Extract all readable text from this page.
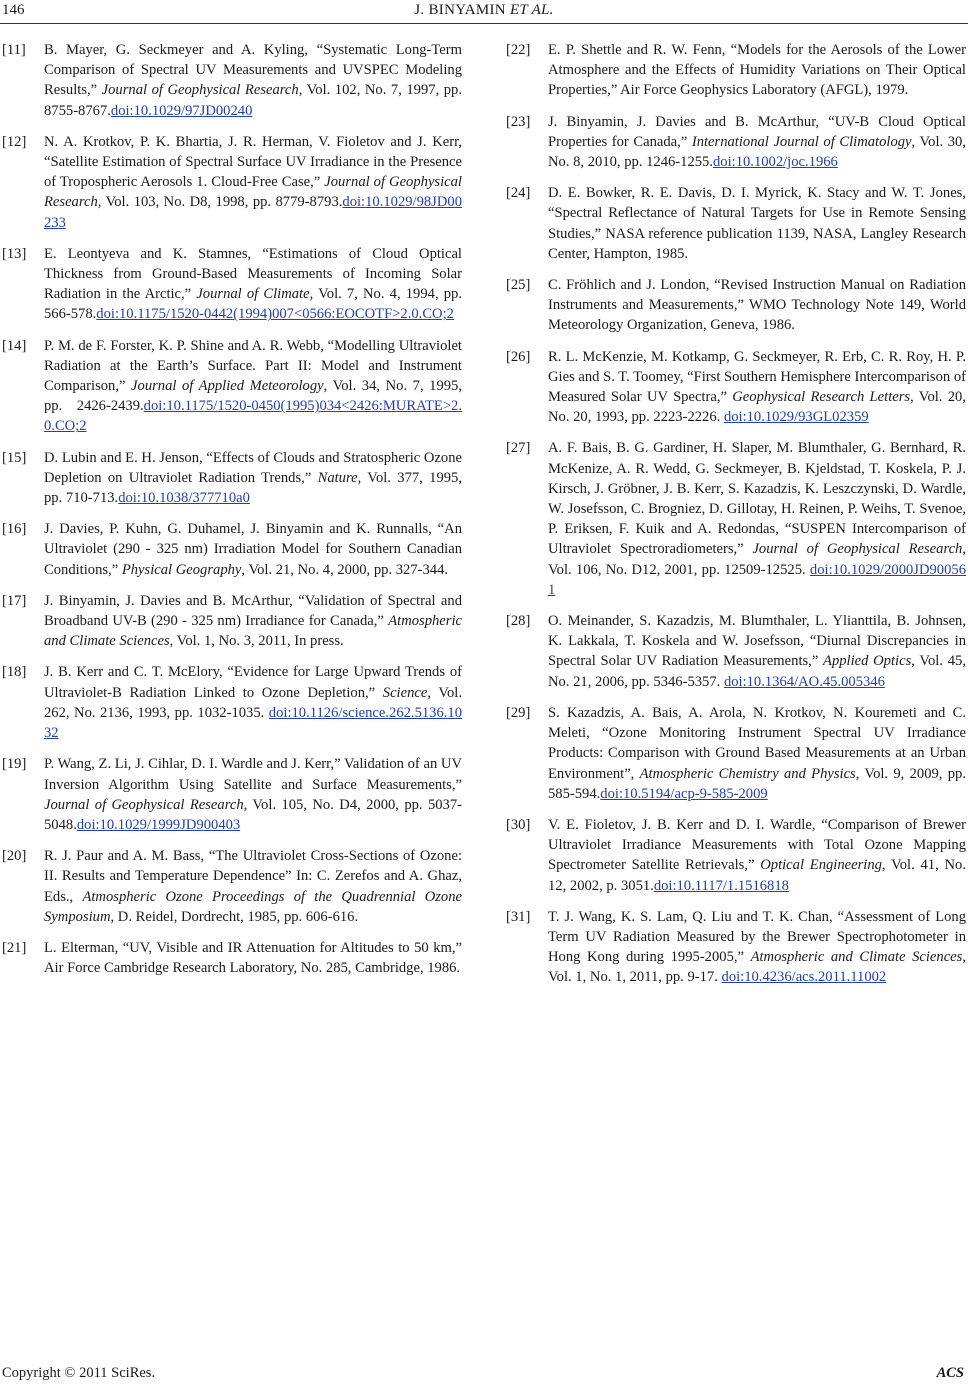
146	J. BINYAMIN ET AL.
[11] B. Mayer, G. Seckmeyer and A. Kyling, “Systematic Long-Term Comparison of Spectral UV Measurements and UVSPEC Modeling Results,” Journal of Geophysical Research, Vol. 102, No. 7, 1997, pp. 8755-8767.doi:10.1029/97JD00240
[12] N. A. Krotkov, P. K. Bhartia, J. R. Herman, V. Fioletov and J. Kerr, “Satellite Estimation of Spectral Surface UV Irradiance in the Presence of Tropospheric Aerosols 1. Cloud-Free Case,” Journal of Geophysical Research, Vol. 103, No. D8, 1998, pp. 8779-8793.doi:10.1029/98JD00233
[13] E. Leontyeva and K. Stamnes, “Estimations of Cloud Optical Thickness from Ground-Based Measurements of Incoming Solar Radiation in the Arctic,” Journal of Climate, Vol. 7, No. 4, 1994, pp. 566-578.doi:10.1175/1520-0442(1994)007<0566:EOCOTF>2.0.CO;2
[14] P. M. de F. Forster, K. P. Shine and A. R. Webb, “Modelling Ultraviolet Radiation at the Earth’s Surface. Part II: Model and Instrument Comparison,” Journal of Applied Meteorology, Vol. 34, No. 7, 1995, pp. 2426-2439.doi:10.1175/1520-0450(1995)034<2426:MURATE>2.0.CO;2
[15] D. Lubin and E. H. Jenson, “Effects of Clouds and Stratospheric Ozone Depletion on Ultraviolet Radiation Trends,” Nature, Vol. 377, 1995, pp. 710-713.doi:10.1038/377710a0
[16] J. Davies, P. Kuhn, G. Duhamel, J. Binyamin and K. Runnalls, “An Ultraviolet (290 - 325 nm) Irradiation Model for Southern Canadian Conditions,” Physical Geography, Vol. 21, No. 4, 2000, pp. 327-344.
[17] J. Binyamin, J. Davies and B. McArthur, “Validation of Spectral and Broadband UV-B (290 - 325 nm) Irradiance for Canada,” Atmospheric and Climate Sciences, Vol. 1, No. 3, 2011, In press.
[18] J. B. Kerr and C. T. McElory, “Evidence for Large Upward Trends of Ultraviolet-B Radiation Linked to Ozone Depletion,” Science, Vol. 262, No. 2136, 1993, pp. 1032-1035. doi:10.1126/science.262.5136.1032
[19] P. Wang, Z. Li, J. Cihlar, D. I. Wardle and J. Kerr,” Validation of an UV Inversion Algorithm Using Satellite and Surface Measurements,” Journal of Geophysical Research, Vol. 105, No. D4, 2000, pp. 5037-5048.doi:10.1029/1999JD900403
[20] R. J. Paur and A. M. Bass, “The Ultraviolet Cross-Sections of Ozone: II. Results and Temperature Dependence” In: C. Zerefos and A. Ghaz, Eds., Atmospheric Ozone Proceedings of the Quadrennial Ozone Symposium, D. Reidel, Dordrecht, 1985, pp. 606-616.
[21] L. Elterman, “UV, Visible and IR Attenuation for Altitudes to 50 km,” Air Force Cambridge Research Laboratory, No. 285, Cambridge, 1986.
[22] E. P. Shettle and R. W. Fenn, “Models for the Aerosols of the Lower Atmosphere and the Effects of Humidity Variations on Their Optical Properties,” Air Force Geophysics Laboratory (AFGL), 1979.
[23] J. Binyamin, J. Davies and B. McArthur, “UV-B Cloud Optical Properties for Canada,” International Journal of Climatology, Vol. 30, No. 8, 2010, pp. 1246-1255.doi:10.1002/joc.1966
[24] D. E. Bowker, R. E. Davis, D. I. Myrick, K. Stacy and W. T. Jones, “Spectral Reflectance of Natural Targets for Use in Remote Sensing Studies,” NASA reference publication 1139, NASA, Langley Research Center, Hampton, 1985.
[25] C. Fröhlich and J. London, “Revised Instruction Manual on Radiation Instruments and Measurements,” WMO Technology Note 149, World Meteorology Organization, Geneva, 1986.
[26] R. L. McKenzie, M. Kotkamp, G. Seckmeyer, R. Erb, C. R. Roy, H. P. Gies and S. T. Toomey, “First Southern Hemisphere Intercomparison of Measured Solar UV Spectra,” Geophysical Research Letters, Vol. 20, No. 20, 1993, pp. 2223-2226. doi:10.1029/93GL02359
[27] A. F. Bais, B. G. Gardiner, H. Slaper, M. Blumthaler, G. Bernhard, R. McKenize, A. R. Wedd, G. Seckmeyer, B. Kjeldstad, T. Koskela, P. J. Kirsch, J. Gröbner, J. B. Kerr, S. Kazadzis, K. Leszczynski, D. Wardle, W. Josefsson, C. Brogniez, D. Gillotay, H. Reinen, P. Weihs, T. Svenoe, P. Eriksen, F. Kuik and A. Redondas, “SUSPEN Intercomparison of Ultraviolet Spectroradiometers,” Journal of Geophysical Research, Vol. 106, No. D12, 2001, pp. 12509-12525. doi:10.1029/2000JD900561
[28] O. Meinander, S. Kazadzis, M. Blumthaler, L. Ylianttila, B. Johnsen, K. Lakkala, T. Koskela and W. Josefsson, “Diurnal Discrepancies in Spectral Solar UV Radiation Measurements,” Applied Optics, Vol. 45, No. 21, 2006, pp. 5346-5357. doi:10.1364/AO.45.005346
[29] S. Kazadzis, A. Bais, A. Arola, N. Krotkov, N. Kouremeti and C. Meleti, “Ozone Monitoring Instrument Spectral UV Irradiance Products: Comparison with Ground Based Measurements at an Urban Environment”, Atmospheric Chemistry and Physics, Vol. 9, 2009, pp. 585-594.doi:10.5194/acp-9-585-2009
[30] V. E. Fioletov, J. B. Kerr and D. I. Wardle, “Comparison of Brewer Ultraviolet Irradiance Measurements with Total Ozone Mapping Spectrometer Satellite Retrievals,” Optical Engineering, Vol. 41, No. 12, 2002, p. 3051.doi:10.1117/1.1516818
[31] T. J. Wang, K. S. Lam, Q. Liu and T. K. Chan, “Assessment of Long Term UV Radiation Measured by the Brewer Spectrophotometer in Hong Kong during 1995-2005,” Atmospheric and Climate Sciences, Vol. 1, No. 1, 2011, pp. 9-17. doi:10.4236/acs.2011.11002
Copyright © 2011 SciRes.	ACS
